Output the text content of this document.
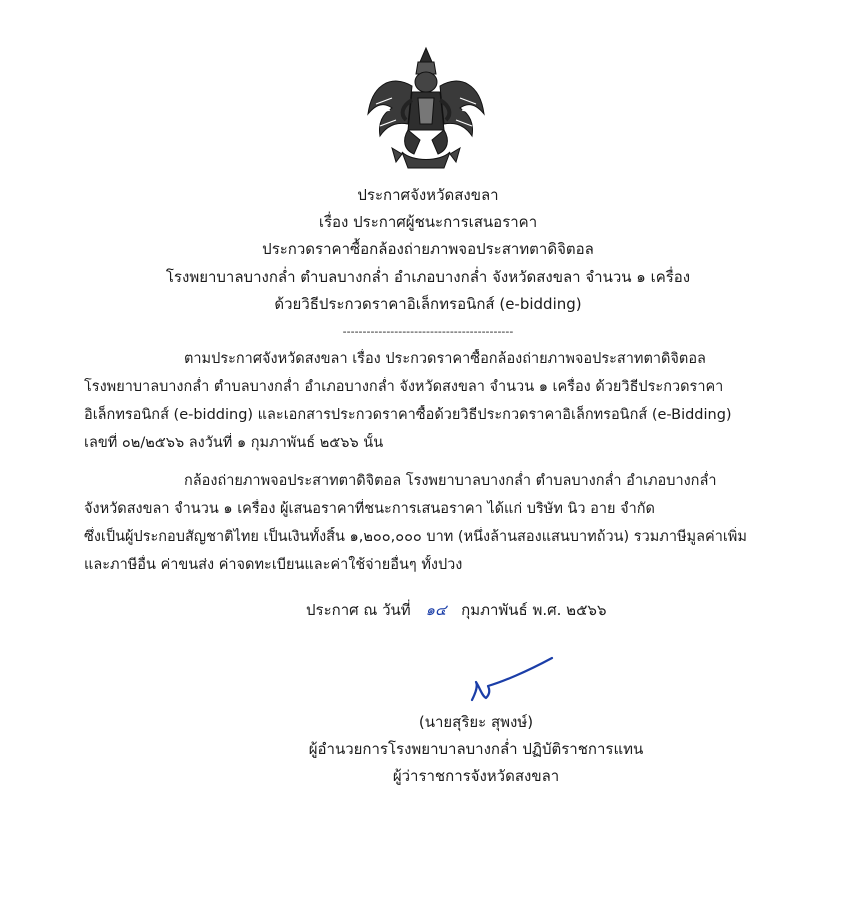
ประกาศจังหวัดสงขลา
เรื่อง ประกาศผู้ชนะการเสนอราคา
ประกวดราคาซื้อกล้องถ่ายภาพจอประสาทตาดิจิตอล
โรงพยาบาลบางกล่ำ ตำบลบางกล่ำ อำเภอบางกล่ำ จังหวัดสงขลา จำนวน ๑ เครื่อง
ด้วยวิธีประกวดราคาอิเล็กทรอนิกส์ (e-bidding)
-------------------------------------------
ตามประกาศจังหวัดสงขลา เรื่อง ประกวดราคาซื้อกล้องถ่ายภาพจอประสาทตาดิจิตอล
โรงพยาบาลบางกล่ำ ตำบลบางกล่ำ อำเภอบางกล่ำ จังหวัดสงขลา จำนวน ๑ เครื่อง ด้วยวิธีประกวดราคา
อิเล็กทรอนิกส์ (e-bidding) และเอกสารประกวดราคาซื้อด้วยวิธีประกวดราคาอิเล็กทรอนิกส์ (e-Bidding)
เลขที่ ๐๒/๒๕๖๖ ลงวันที่ ๑ กุมภาพันธ์ ๒๕๖๖ นั้น
กล้องถ่ายภาพจอประสาทตาดิจิตอล โรงพยาบาลบางกล่ำ ตำบลบางกล่ำ อำเภอบางกล่ำ
จังหวัดสงขลา จำนวน ๑ เครื่อง ผู้เสนอราคาที่ชนะการเสนอราคา ได้แก่ บริษัท นิว อาย จำกัด
ซึ่งเป็นผู้ประกอบสัญชาติไทย เป็นเงินทั้งสิ้น ๑,๒๐๐,๐๐๐ บาท (หนึ่งล้านสองแสนบาทถ้วน) รวมภาษีมูลค่าเพิ่ม
และภาษีอื่น ค่าขนส่ง ค่าจดทะเบียนและค่าใช้จ่ายอื่นๆ ทั้งปวง
ประกาศ ณ วันที่ ๑๔ กุมภาพันธ์ พ.ศ. ๒๕๖๖
(นายสุริยะ สุพงษ์)
ผู้อำนวยการโรงพยาบาลบางกล่ำ ปฏิบัติราชการแทน
ผู้ว่าราชการจังหวัดสงขลา
